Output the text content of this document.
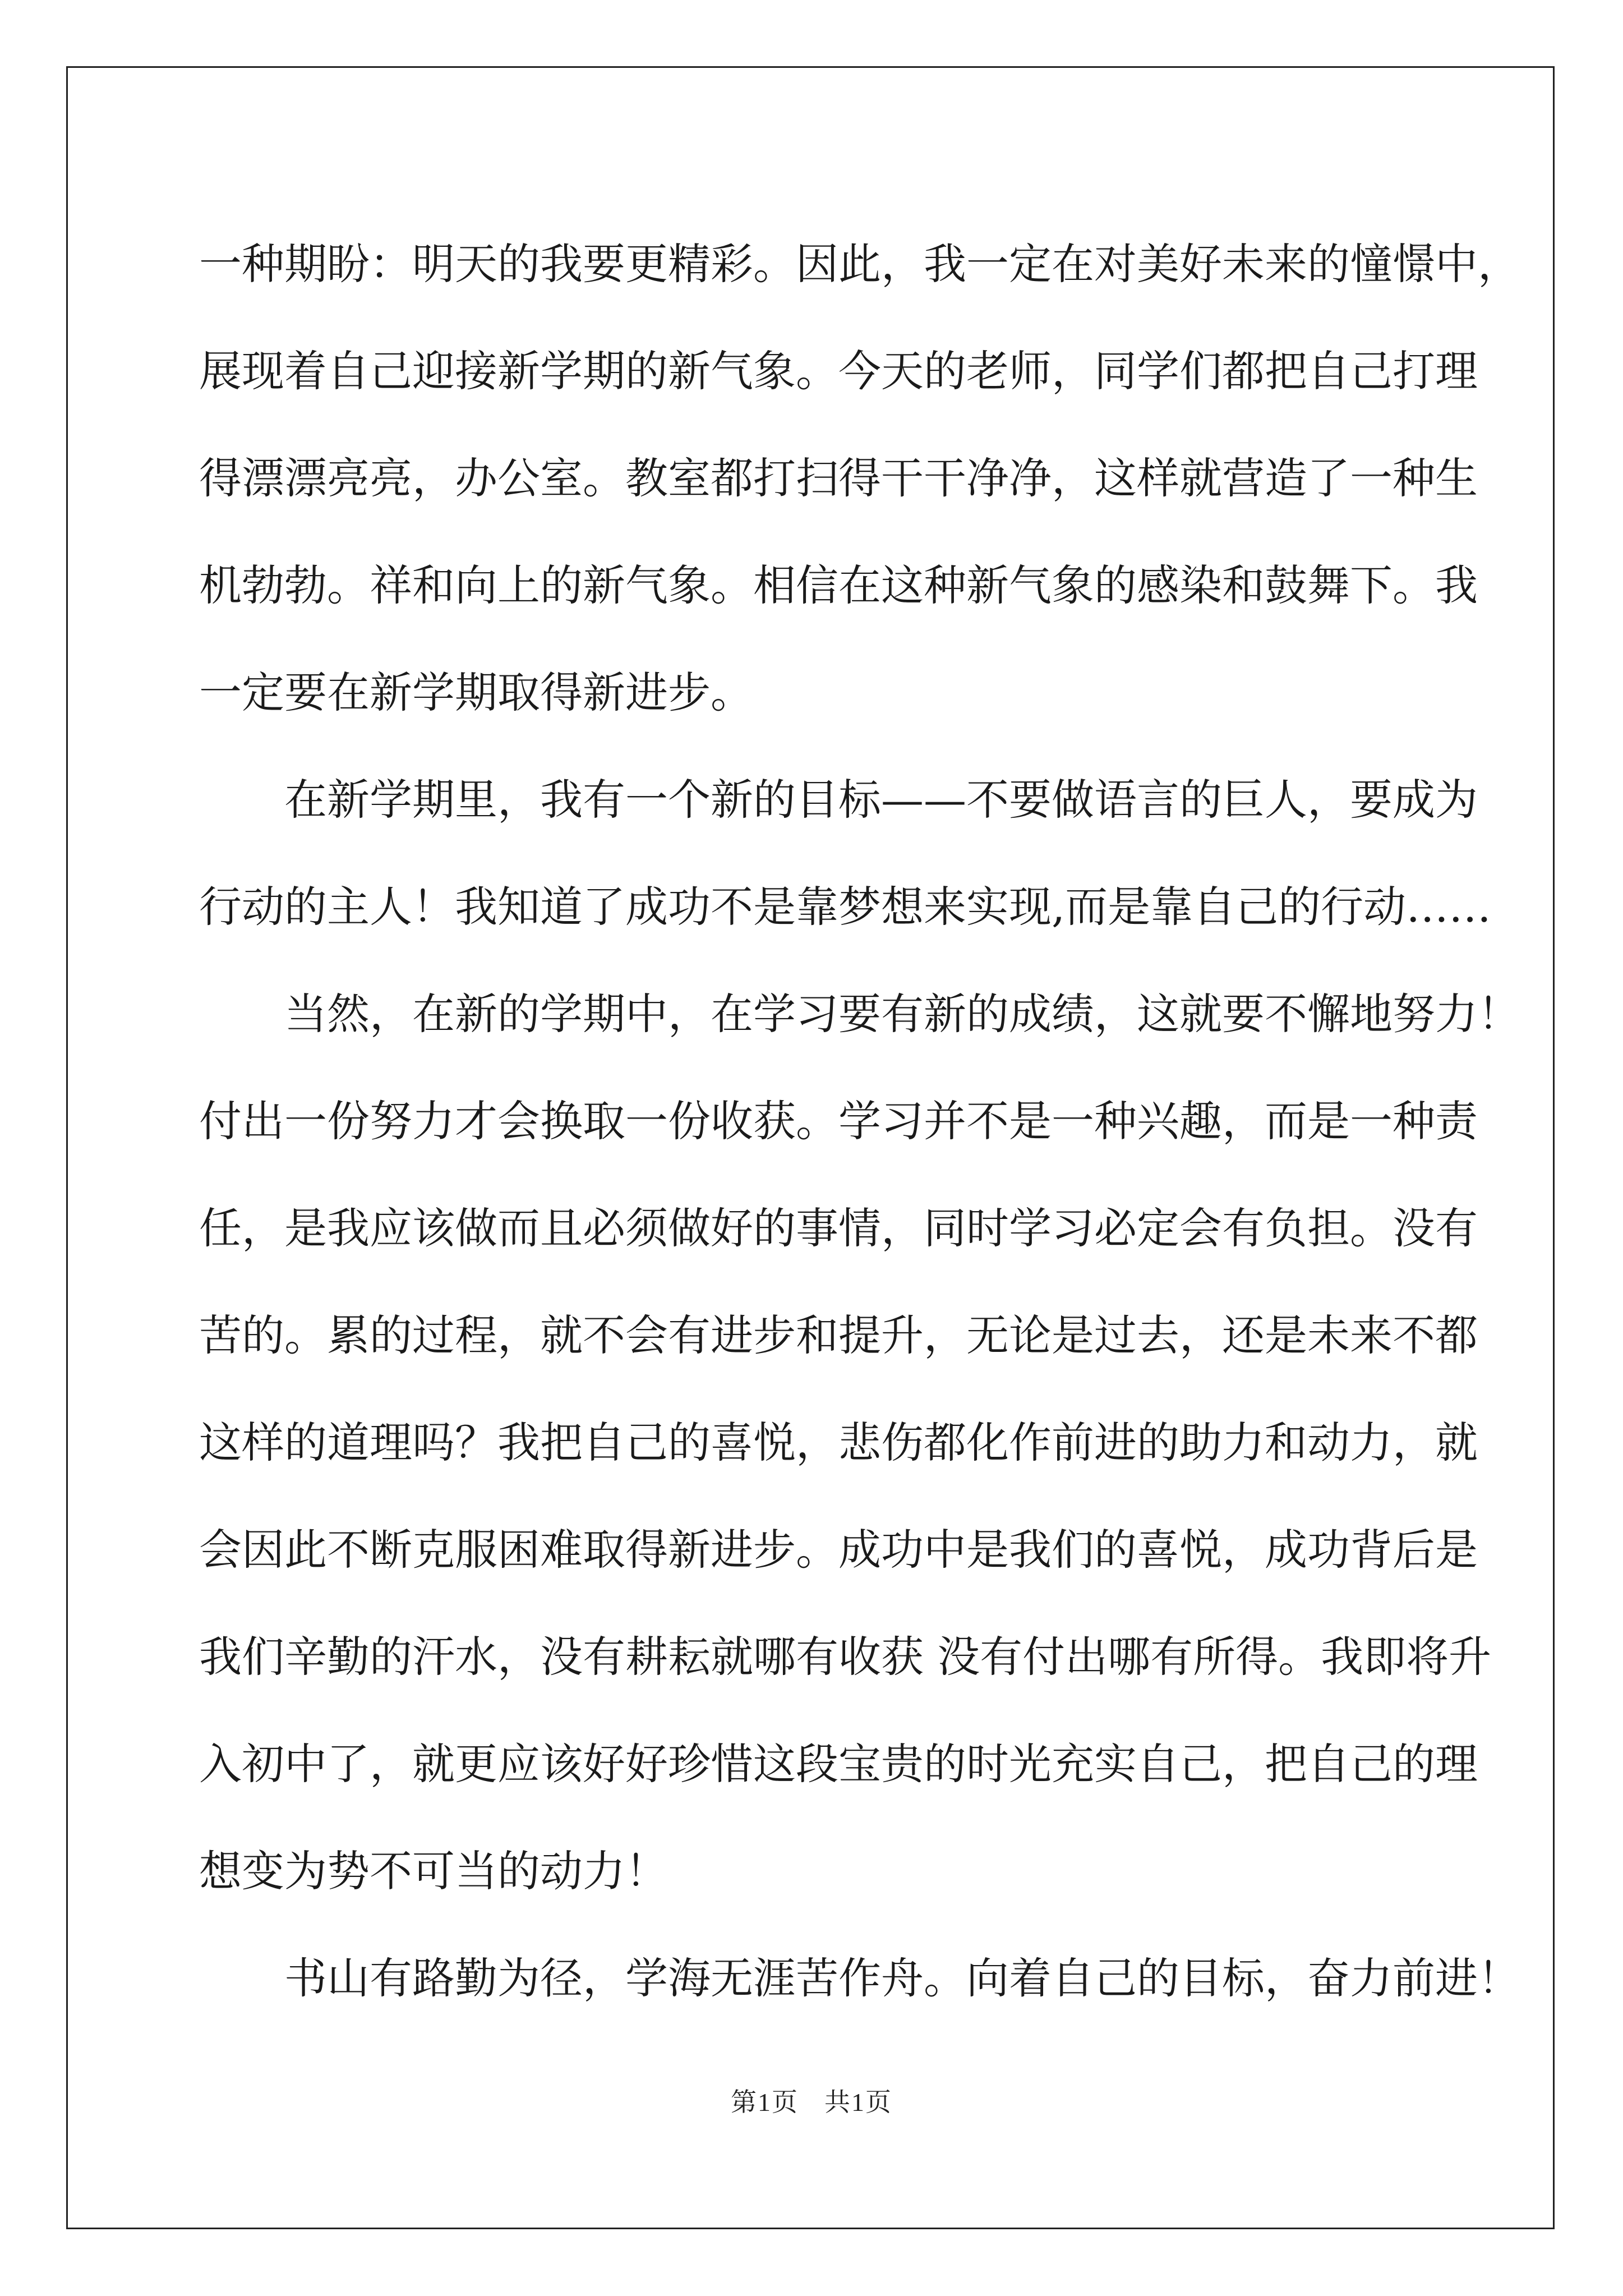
一种期盼：明天的我要更精彩。因此，我一定在对美好未来的憧憬中，
展现着自己迎接新学期的新气象。今天的老师，同学们都把自己打理
得漂漂亮亮，办公室。教室都打扫得干干净净，这样就营造了一种生
机勃勃。祥和向上的新气象。相信在这种新气象的感染和鼓舞下。我
一定要在新学期取得新进步。
在新学期里，我有一个新的目标——不要做语言的巨人，要成为
行动的主人！我知道了成功不是靠梦想来实现,而是靠自己的行动……
当然，在新的学期中，在学习要有新的成绩，这就要不懈地努力！
付出一份努力才会换取一份收获。学习并不是一种兴趣，而是一种责
任，是我应该做而且必须做好的事情，同时学习必定会有负担。没有
苦的。累的过程，就不会有进步和提升，无论是过去，还是未来不都
这样的道理吗？我把自己的喜悦，悲伤都化作前进的助力和动力，就
会因此不断克服困难取得新进步。成功中是我们的喜悦，成功背后是
我们辛勤的汗水，没有耕耘就哪有收获 没有付出哪有所得。我即将升
入初中了，就更应该好好珍惜这段宝贵的时光充实自己，把自己的理
想变为势不可当的动力！
书山有路勤为径，学海无涯苦作舟。向着自己的目标，奋力前进！
第1页 共1页
